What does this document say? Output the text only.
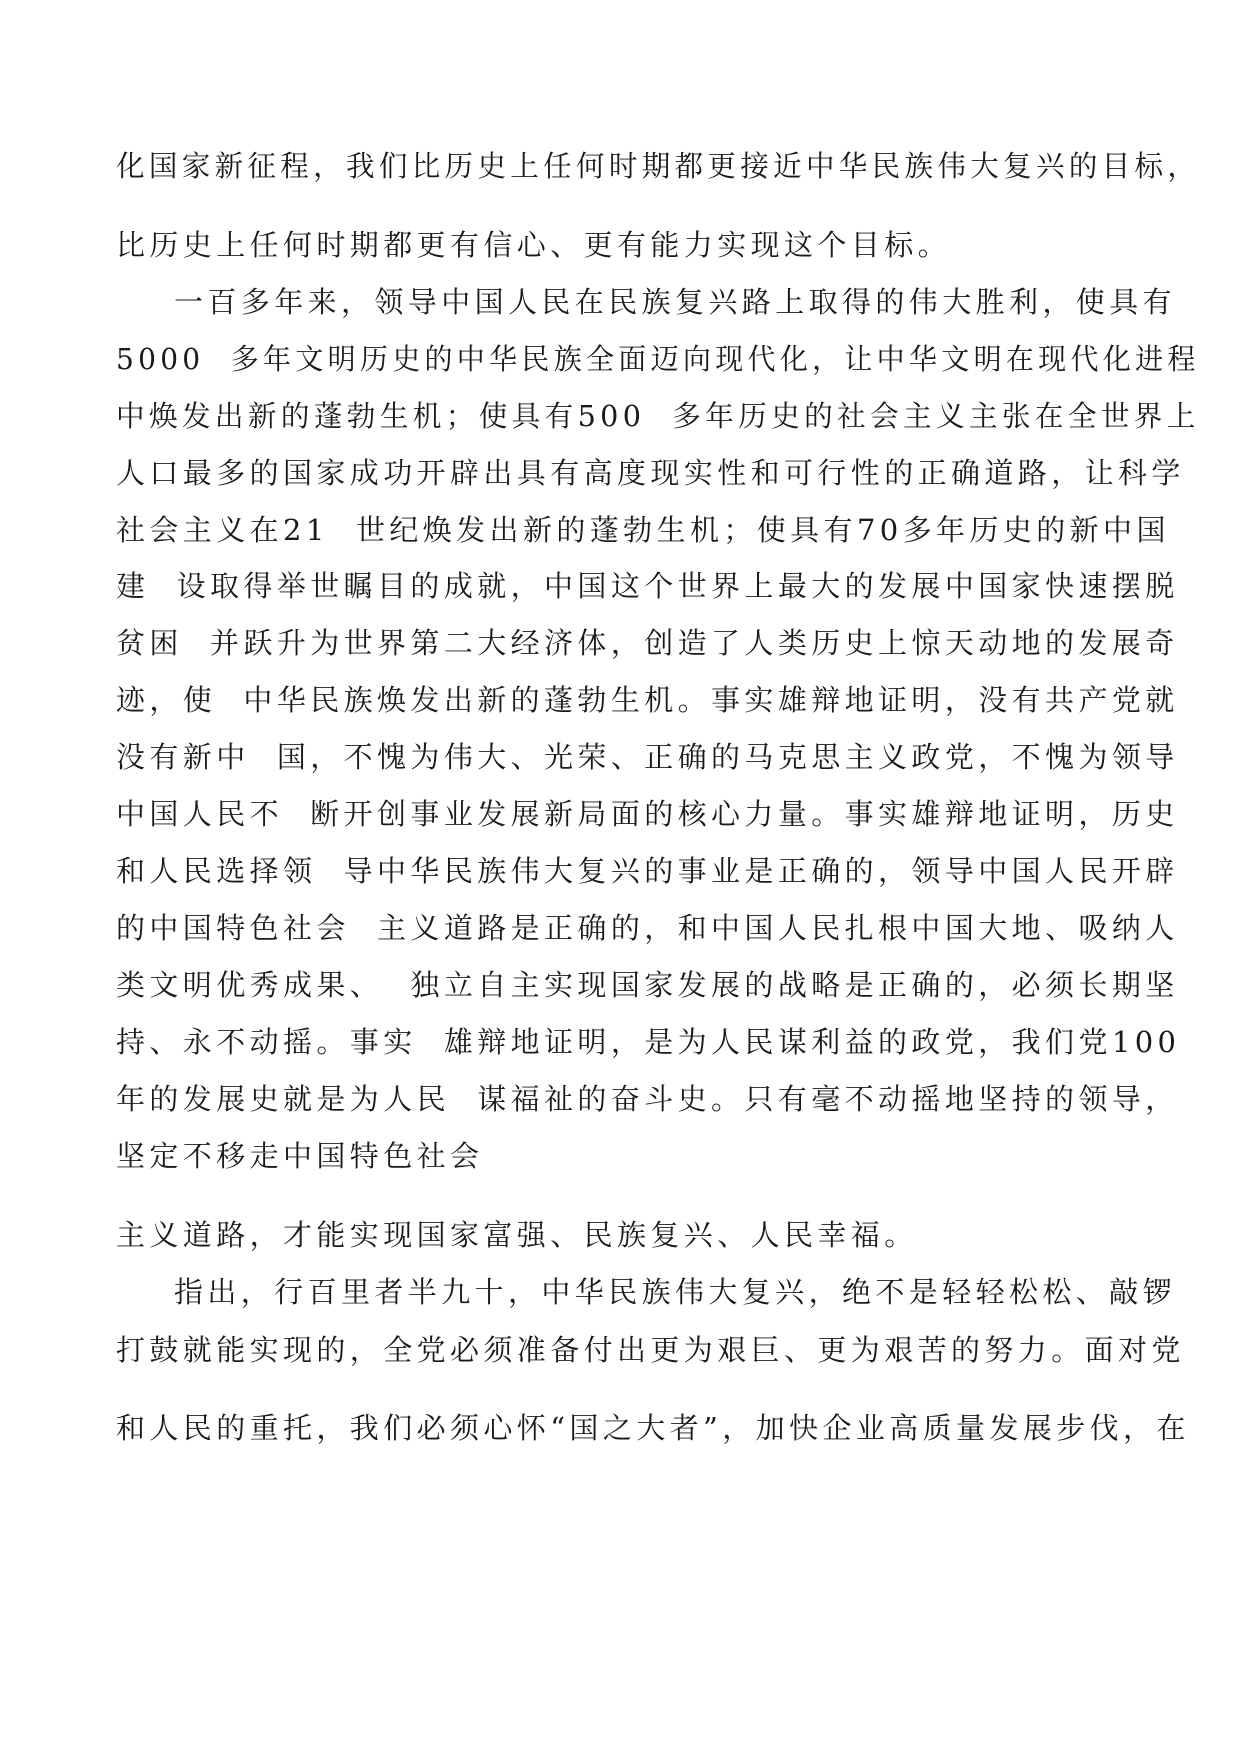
化国家新征程，我们比历史上任何时期都更接近中华民族伟大复兴的目标，
比历史上任何时期都更有信心、更有能力实现这个目标。
一百多年来，领导中国人民在民族复兴路上取得的伟大胜利，使具有
5000  多年文明历史的中华民族全面迈向现代化，让中华文明在现代化进程
中焕发出新的蓬勃生机；使具有500  多年历史的社会主义主张在全世界上
人口最多的国家成功开辟出具有高度现实性和可行性的正确道路，让科学
社会主义在21  世纪焕发出新的蓬勃生机；使具有70多年历史的新中国
建  设取得举世瞩目的成就，中国这个世界上最大的发展中国家快速摆脱
贫困  并跃升为世界第二大经济体，创造了人类历史上惊天动地的发展奇
迹，使  中华民族焕发出新的蓬勃生机。事实雄辩地证明，没有共产党就
没有新中  国，不愧为伟大、光荣、正确的马克思主义政党，不愧为领导
中国人民不  断开创事业发展新局面的核心力量。事实雄辩地证明，历史
和人民选择领  导中华民族伟大复兴的事业是正确的，领导中国人民开辟
的中国特色社会  主义道路是正确的，和中国人民扎根中国大地、吸纳人
类文明优秀成果、  独立自主实现国家发展的战略是正确的，必须长期坚
持、永不动摇。事实  雄辩地证明，是为人民谋利益的政党，我们党100
年的发展史就是为人民  谋福祉的奋斗史。只有毫不动摇地坚持的领导，
坚定不移走中国特色社会
主义道路，才能实现国家富强、民族复兴、人民幸福。
指出，行百里者半九十，中华民族伟大复兴，绝不是轻轻松松、敲锣
打鼓就能实现的，全党必须准备付出更为艰巨、更为艰苦的努力。面对党
和人民的重托，我们必须心怀“国之大者”，加快企业高质量发展步伐，在
